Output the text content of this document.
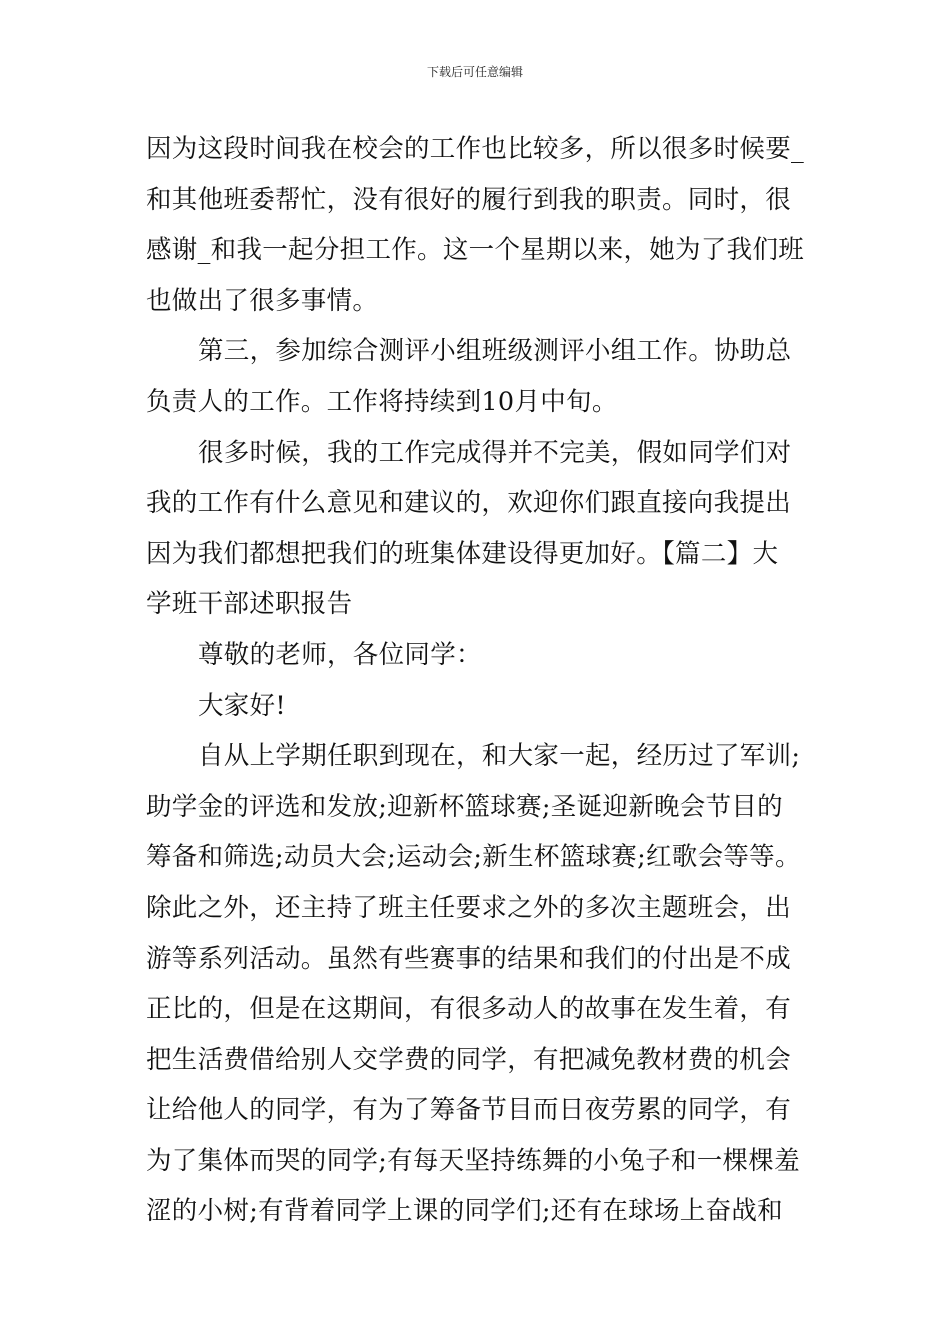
下载后可任意编辑
因为这段时间我在校会的工作也比较多，所以很多时候要_
和其他班委帮忙，没有很好的履行到我的职责。同时，很
感谢_和我一起分担工作。这一个星期以来，她为了我们班
也做出了很多事情。
第三，参加综合测评小组班级测评小组工作。协助总
负责人的工作。工作将持续到10月中旬。
很多时候，我的工作完成得并不完美，假如同学们对
我的工作有什么意见和建议的，欢迎你们跟直接向我提出
因为我们都想把我们的班集体建设得更加好。【篇二】大
学班干部述职报告
尊敬的老师，各位同学：
大家好!
自从上学期任职到现在，和大家一起，经历过了军训;
助学金的评选和发放;迎新杯篮球赛;圣诞迎新晚会节目的
筹备和筛选;动员大会;运动会;新生杯篮球赛;红歌会等等。
除此之外，还主持了班主任要求之外的多次主题班会，出
游等系列活动。虽然有些赛事的结果和我们的付出是不成
正比的，但是在这期间，有很多动人的故事在发生着，有
把生活费借给别人交学费的同学，有把减免教材费的机会
让给他人的同学，有为了筹备节目而日夜劳累的同学，有
为了集体而哭的同学;有每天坚持练舞的小兔子和一棵棵羞
涩的小树;有背着同学上课的同学们;还有在球场上奋战和
